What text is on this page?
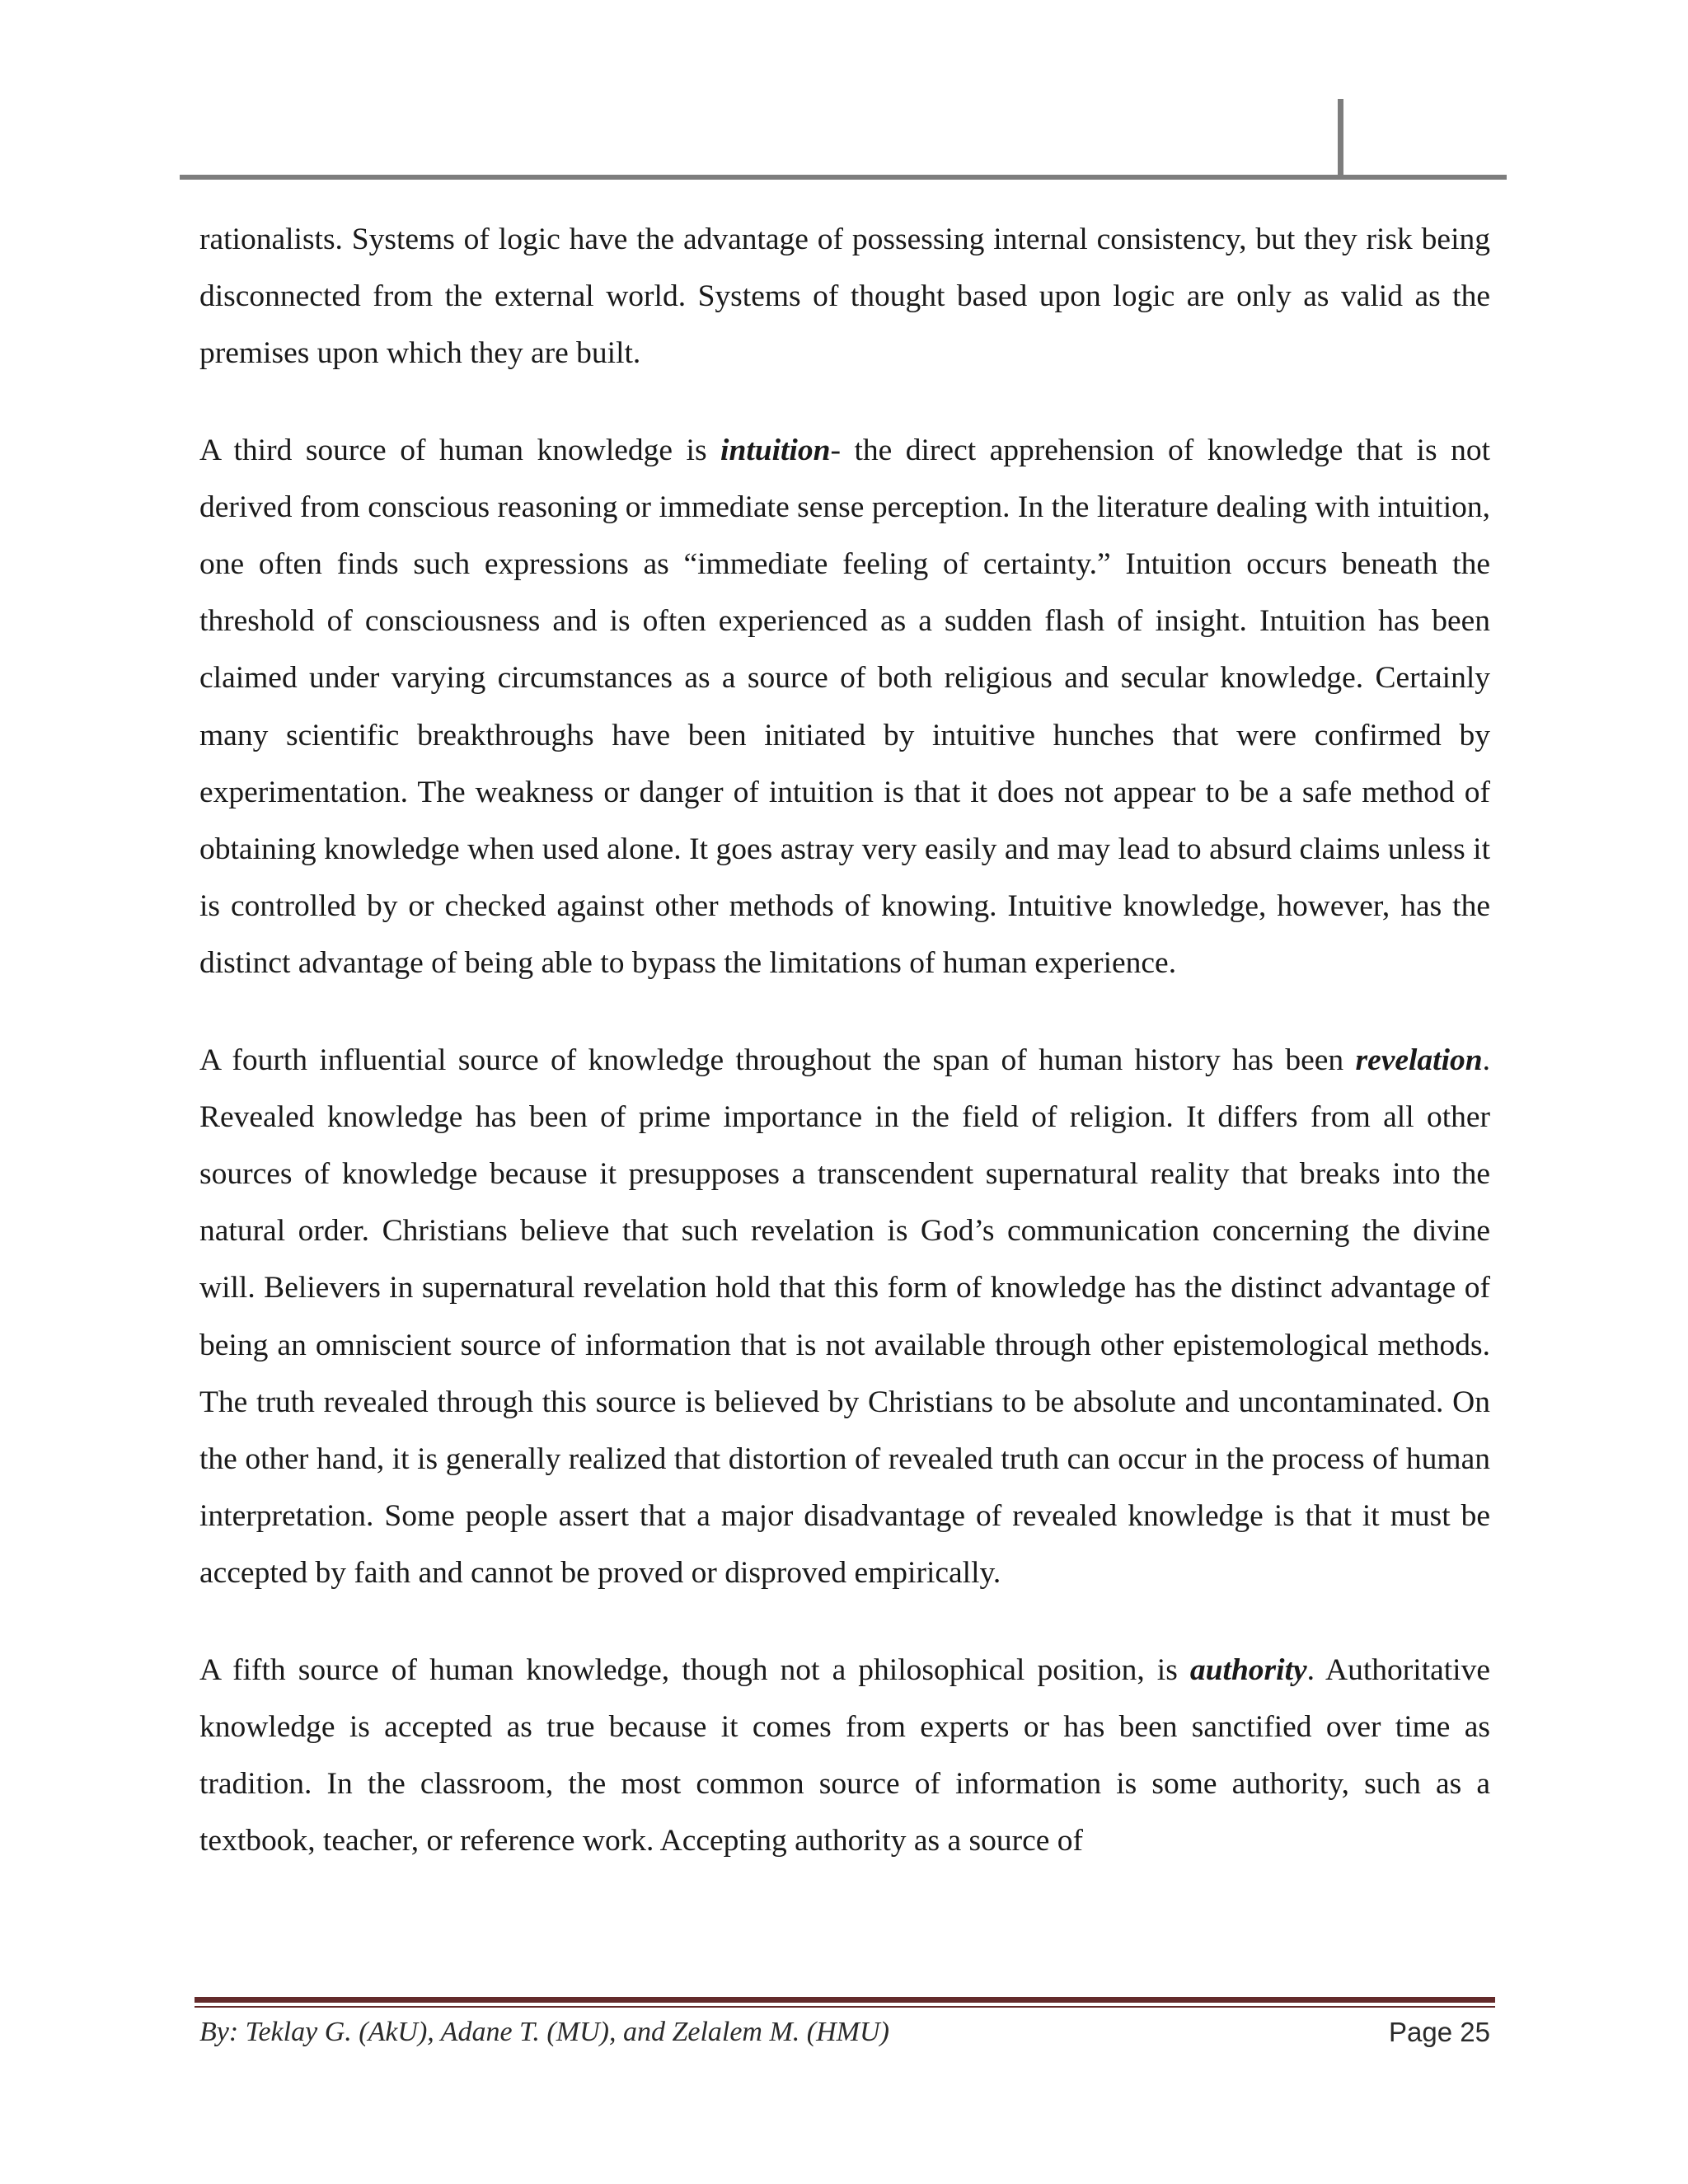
rationalists. Systems of logic have the advantage of possessing internal consistency, but they risk being disconnected from the external world. Systems of thought based upon logic are only as valid as the premises upon which they are built.

A third source of human knowledge is intuition- the direct apprehension of knowledge that is not derived from conscious reasoning or immediate sense perception. In the literature dealing with intuition, one often finds such expressions as “immediate feeling of certainty.” Intuition occurs beneath the threshold of consciousness and is often experienced as a sudden flash of insight. Intuition has been claimed under varying circumstances as a source of both religious and secular knowledge. Certainly many scientific breakthroughs have been initiated by intuitive hunches that were confirmed by experimentation. The weakness or danger of intuition is that it does not appear to be a safe method of obtaining knowledge when used alone. It goes astray very easily and may lead to absurd claims unless it is controlled by or checked against other methods of knowing. Intuitive knowledge, however, has the distinct advantage of being able to bypass the limitations of human experience.

A fourth influential source of knowledge throughout the span of human history has been revelation. Revealed knowledge has been of prime importance in the field of religion. It differs from all other sources of knowledge because it presupposes a transcendent supernatural reality that breaks into the natural order. Christians believe that such revelation is God’s communication concerning the divine will. Believers in supernatural revelation hold that this form of knowledge has the distinct advantage of being an omniscient source of information that is not available through other epistemological methods. The truth revealed through this source is believed by Christians to be absolute and uncontaminated. On the other hand, it is generally realized that distortion of revealed truth can occur in the process of human interpretation. Some people assert that a major disadvantage of revealed knowledge is that it must be accepted by faith and cannot be proved or disproved empirically.

A fifth source of human knowledge, though not a philosophical position, is authority. Authoritative knowledge is accepted as true because it comes from experts or has been sanctified over time as tradition. In the classroom, the most common source of information is some authority, such as a textbook, teacher, or reference work. Accepting authority as a source of

By: Teklay G. (AkU), Adane T. (MU), and Zelalem M. (HMU)	Page 25
